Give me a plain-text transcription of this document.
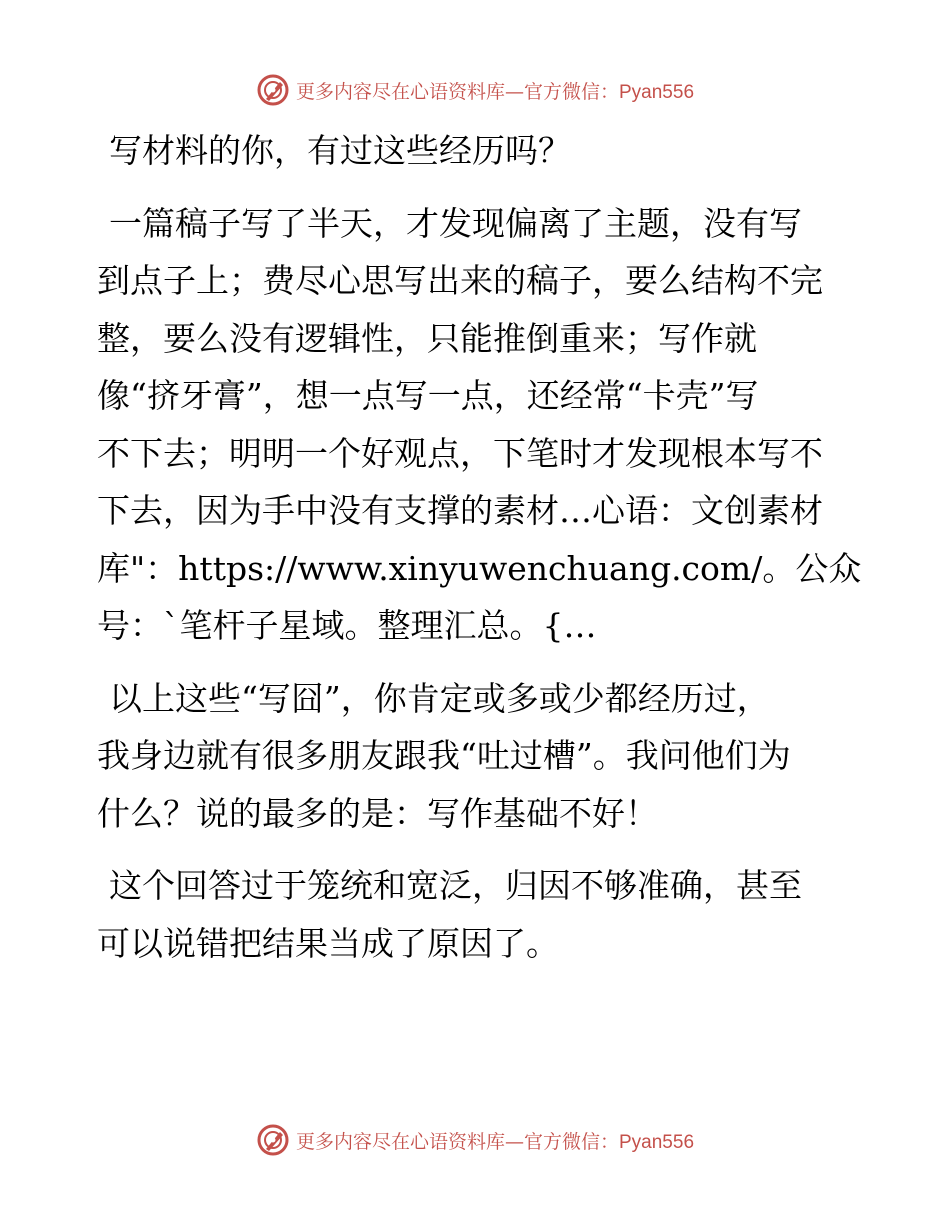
更多内容尽在心语资料库—官方微信：Pyan556
写材料的你，有过这些经历吗？
一篇稿子写了半天，才发现偏离了主题，没有写
到点子上；费尽心思写出来的稿子，要么结构不完
整，要么没有逻辑性，只能推倒重来；写作就
像“挤牙膏”，想一点写一点，还经常“卡壳”写
不下去；明明一个好观点，下笔时才发现根本写不
下去，因为手中没有支撑的素材…心语：文创素材
库"：https://www.xinyuwenchuang.com/。公众
号：`笔杆子星域。整理汇总。{…
以上这些“写囧”，你肯定或多或少都经历过，
我身边就有很多朋友跟我“吐过槽”。我问他们为
什么？说的最多的是：写作基础不好！
这个回答过于笼统和宽泛，归因不够准确，甚至
可以说错把结果当成了原因了。
更多内容尽在心语资料库—官方微信：Pyan556
